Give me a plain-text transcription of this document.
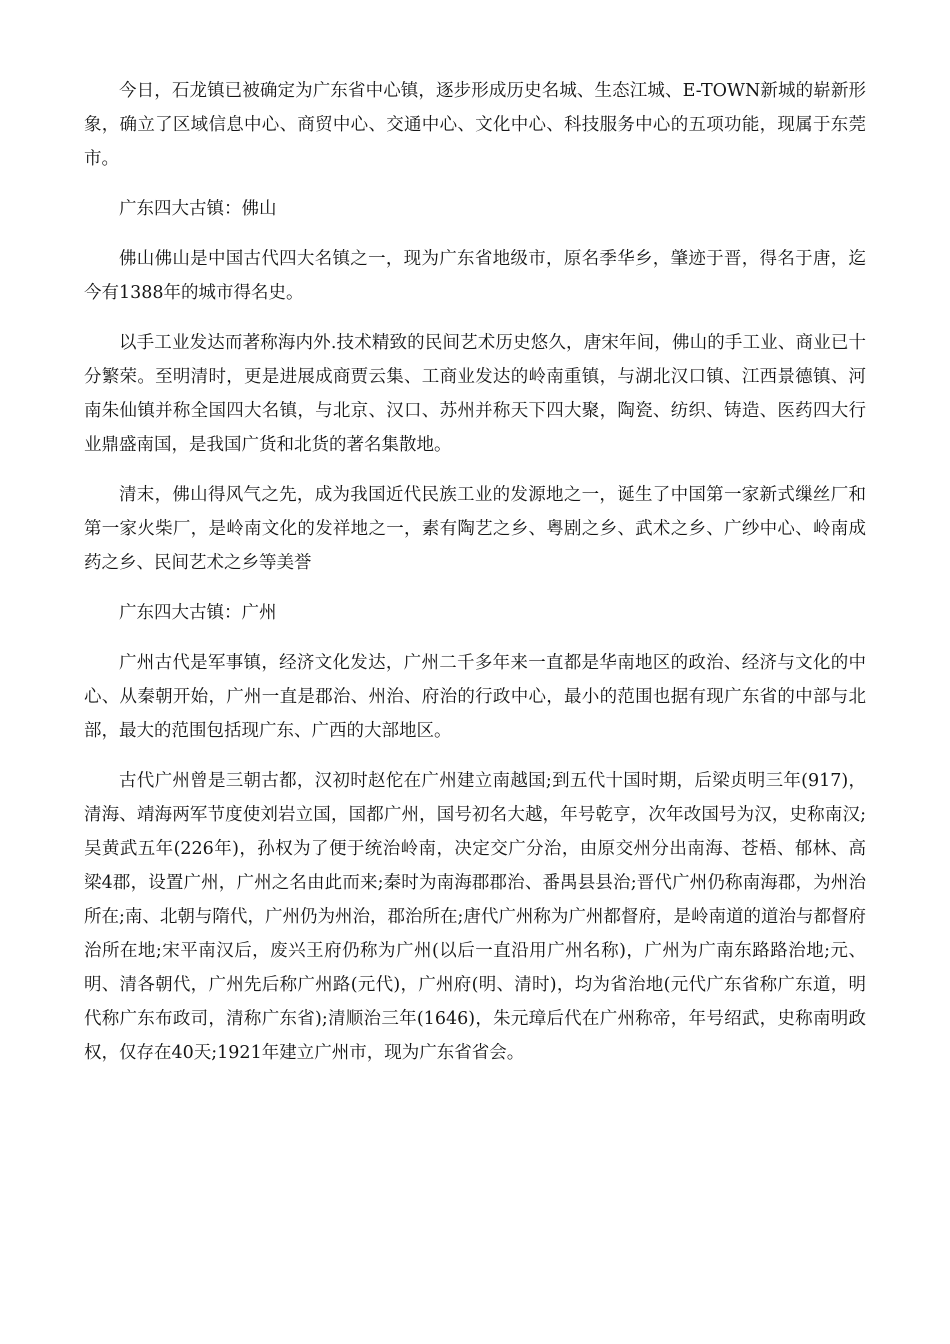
今日，石龙镇已被确定为广东省中心镇，逐步形成历史名城、生态江城、E-TOWN新城的崭新形象，确立了区域信息中心、商贸中心、交通中心、文化中心、科技服务中心的五项功能，现属于东莞市。

广东四大古镇：佛山

佛山佛山是中国古代四大名镇之一，现为广东省地级市，原名季华乡，肇迹于晋，得名于唐，迄今有1388年的城市得名史。

以手工业发达而著称海内外.技术精致的民间艺术历史悠久，唐宋年间，佛山的手工业、商业已十分繁荣。至明清时，更是进展成商贾云集、工商业发达的岭南重镇，与湖北汉口镇、江西景德镇、河南朱仙镇并称全国四大名镇，与北京、汉口、苏州并称天下四大聚，陶瓷、纺织、铸造、医药四大行业鼎盛南国，是我国广货和北货的著名集散地。

清末，佛山得风气之先，成为我国近代民族工业的发源地之一，诞生了中国第一家新式缫丝厂和第一家火柴厂，是岭南文化的发祥地之一，素有陶艺之乡、粤剧之乡、武术之乡、广纱中心、岭南成药之乡、民间艺术之乡等美誉

广东四大古镇：广州

广州古代是军事镇，经济文化发达，广州二千多年来一直都是华南地区的政治、经济与文化的中心、从秦朝开始，广州一直是郡治、州治、府治的行政中心，最小的范围也据有现广东省的中部与北部，最大的范围包括现广东、广西的大部地区。

古代广州曾是三朝古都，汉初时赵佗在广州建立南越国;到五代十国时期，后梁贞明三年(917)，清海、靖海两军节度使刘岩立国，国都广州，国号初名大越，年号乾亨，次年改国号为汉，史称南汉;吴黄武五年(226年)，孙权为了便于统治岭南，决定交广分治，由原交州分出南海、苍梧、郁林、高梁4郡，设置广州，广州之名由此而来;秦时为南海郡郡治、番禺县县治;晋代广州仍称南海郡，为州治所在;南、北朝与隋代，广州仍为州治，郡治所在;唐代广州称为广州都督府，是岭南道的道治与都督府治所在地;宋平南汉后，废兴王府仍称为广州(以后一直沿用广州名称)，广州为广南东路路治地;元、明、清各朝代，广州先后称广州路(元代)，广州府(明、清时)，均为省治地(元代广东省称广东道，明代称广东布政司，清称广东省);清顺治三年(1646)，朱元璋后代在广州称帝，年号绍武，史称南明政权，仅存在40天;1921年建立广州市，现为广东省省会。
